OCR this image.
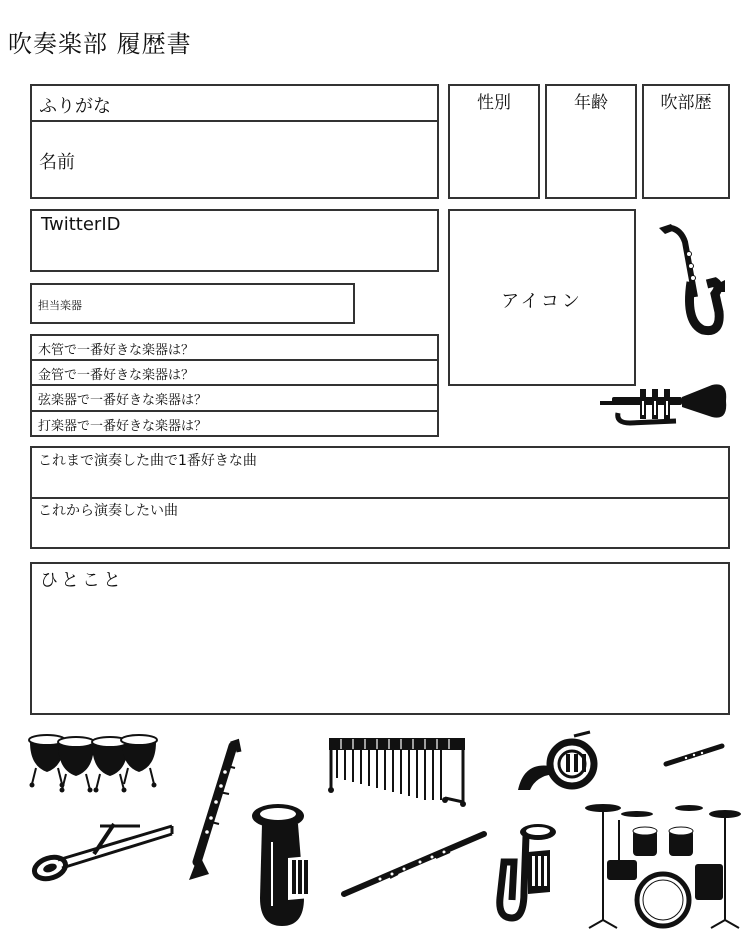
吹奏楽部 履歴書
ふりがな
名前
性別	年齢	吹部歴
TwitterID
アイコン
担当楽器
木管で一番好きな楽器は？
金管で一番好きな楽器は？
弦楽器で一番好きな楽器は？
打楽器で一番好きな楽器は？
これまで演奏した曲で1番好きな曲
これから演奏したい曲
ひとこと
